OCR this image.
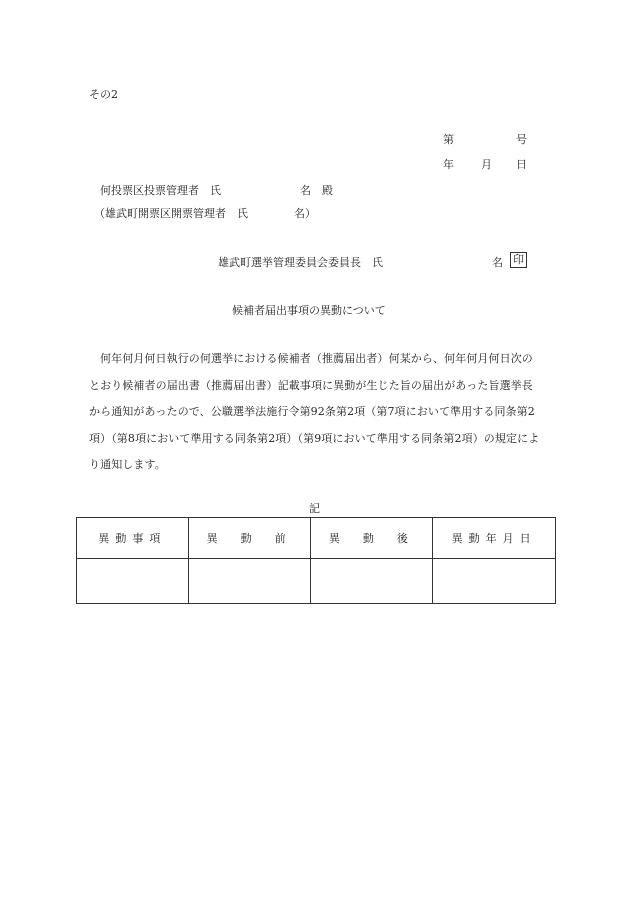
その2
第	号
年 月 日
何投票区投票管理者　氏	名　殿
（雄武町開票区開票管理者　氏	名）
雄武町選挙管理委員会委員長　氏	名 印
候補者届出事項の異動について
何年何月何日執行の何選挙における候補者（推薦届出者）何某から、何年何月何日次の
とおり候補者の届出書（推薦届出書）記載事項に異動が生じた旨の届出があった旨選挙長
から通知があったので、公職選挙法施行令第92条第2項（第7項において準用する同条第2
項）（第8項において準用する同条第2項）（第9項において準用する同条第2項）の規定によ
り通知します。
記
異動事項	異　動　前	異　動　後	異動年月日
